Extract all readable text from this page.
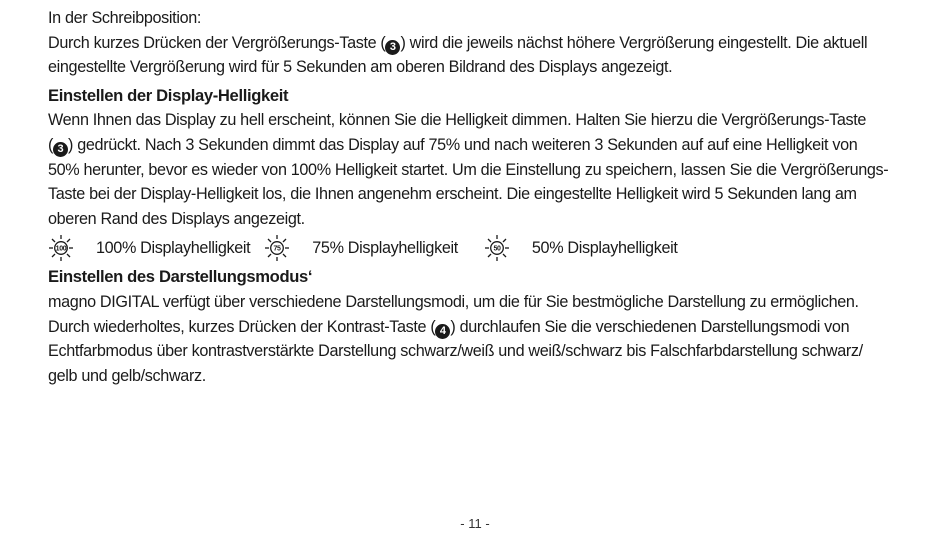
In der Schreibposition:
Durch kurzes Drücken der Vergrößerungs-Taste ( 3 ) wird die jeweils nächst höhere Vergrößerung eingestellt. Die aktuell
eingestellte Vergrößerung wird für 5 Sekunden am oberen Bildrand des Displays angezeigt.
Einstellen der Display-Helligkeit
Wenn Ihnen das Display zu hell erscheint, können Sie die Helligkeit dimmen. Halten Sie hierzu die Vergrößerungs-Taste
( 3 ) gedrückt. Nach 3 Sekunden dimmt das Display auf 75% und nach weiteren 3 Sekunden auf auf eine Helligkeit von
50% herunter, bevor es wieder von 100% Helligkeit startet. Um die Einstellung zu speichern, lassen Sie die Vergrößerungs-
Taste bei der Display-Helligkeit los, die Ihnen angenehm erscheint. Die eingestellte Helligkeit wird 5 Sekunden lang am
oberen Rand des Displays angezeigt.
100 100% Displayhelligkeit	75 75% Displayhelligkeit	50 50% Displayhelligkeit
Einstellen des Darstellungsmodus‘
magno DIGITAL verfügt über verschiedene Darstellungsmodi, um die für Sie bestmögliche Darstellung zu ermöglichen.
Durch wiederholtes, kurzes Drücken der Kontrast-Taste ( 4 ) durchlaufen Sie die verschiedenen Darstellungsmodi von
Echtfarbmodus über kontrastverstärkte Darstellung schwarz/weiß und weiß/schwarz bis Falschfarbdarstellung schwarz/
gelb und gelb/schwarz.
- 11 -
